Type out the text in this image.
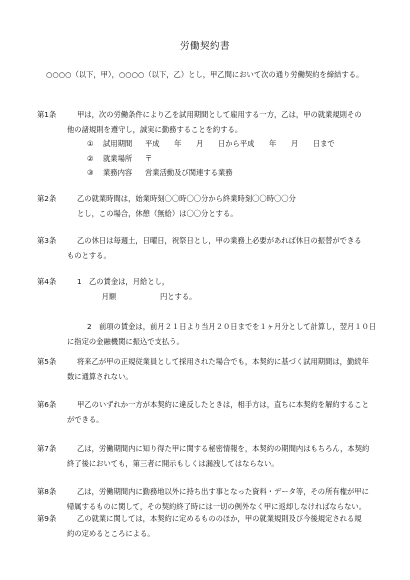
労働契約書
○○○○（以下，甲），○○○○（以下，乙）とし，甲乙間において次の通り労働契約を締結する。
第1条	甲は，次の労働条件により乙を試用期間として雇用する一方，乙は，甲の就業規則その
他の諸規則を遵守し，誠実に勤務することを約する。
① 試用期間 平成　　年　　月　　日から平成　　年　　月　　日まで
② 就業場所 〒
③ 業務内容 営業活動及び関連する業務
第2条	乙の就業時間は，始業時刻〇〇時〇〇分から終業時刻〇〇時〇〇分
とし，この場合，休憩（無給）は〇〇分とする。
第3条	乙の休日は毎週土，日曜日，祝祭日とし，甲の業務上必要があれば休日の振替ができる
ものとする。
第4条	1　乙の賃金は，月給とし，
　　月額　　　　　　円とする。
2　前項の賃金は，前月２１日より当月２０日までを１ヶ月分として計算し，翌月１０日
に指定の金融機関に振込で支払う。
第5条	将来乙が甲の正規従業員として採用された場合でも，本契約に基づく試用期間は，勤続年
数に通算されない。
第6条	甲乙のいずれか一方が本契約に違反したときは，相手方は，直ちに本契約を解約すること
ができる。
第7条	乙は，労働期間内に知り得た甲に関する秘密情報を，本契約の期間内はもちろん，本契約
終了後においても，第三者に開示もしくは漏洩してはならない。
第8条	乙は，労働期間内に勤務地以外に持ち出す事となった資料・データ等，その所有権が甲に
帰属するものに関して，その契約終了時には一切の例外なく甲に返却しなければならない。
第9条	乙の就業に関しては，本契約に定めるもののほか，甲の就業規則及び今後規定される規
約の定めるところによる。
